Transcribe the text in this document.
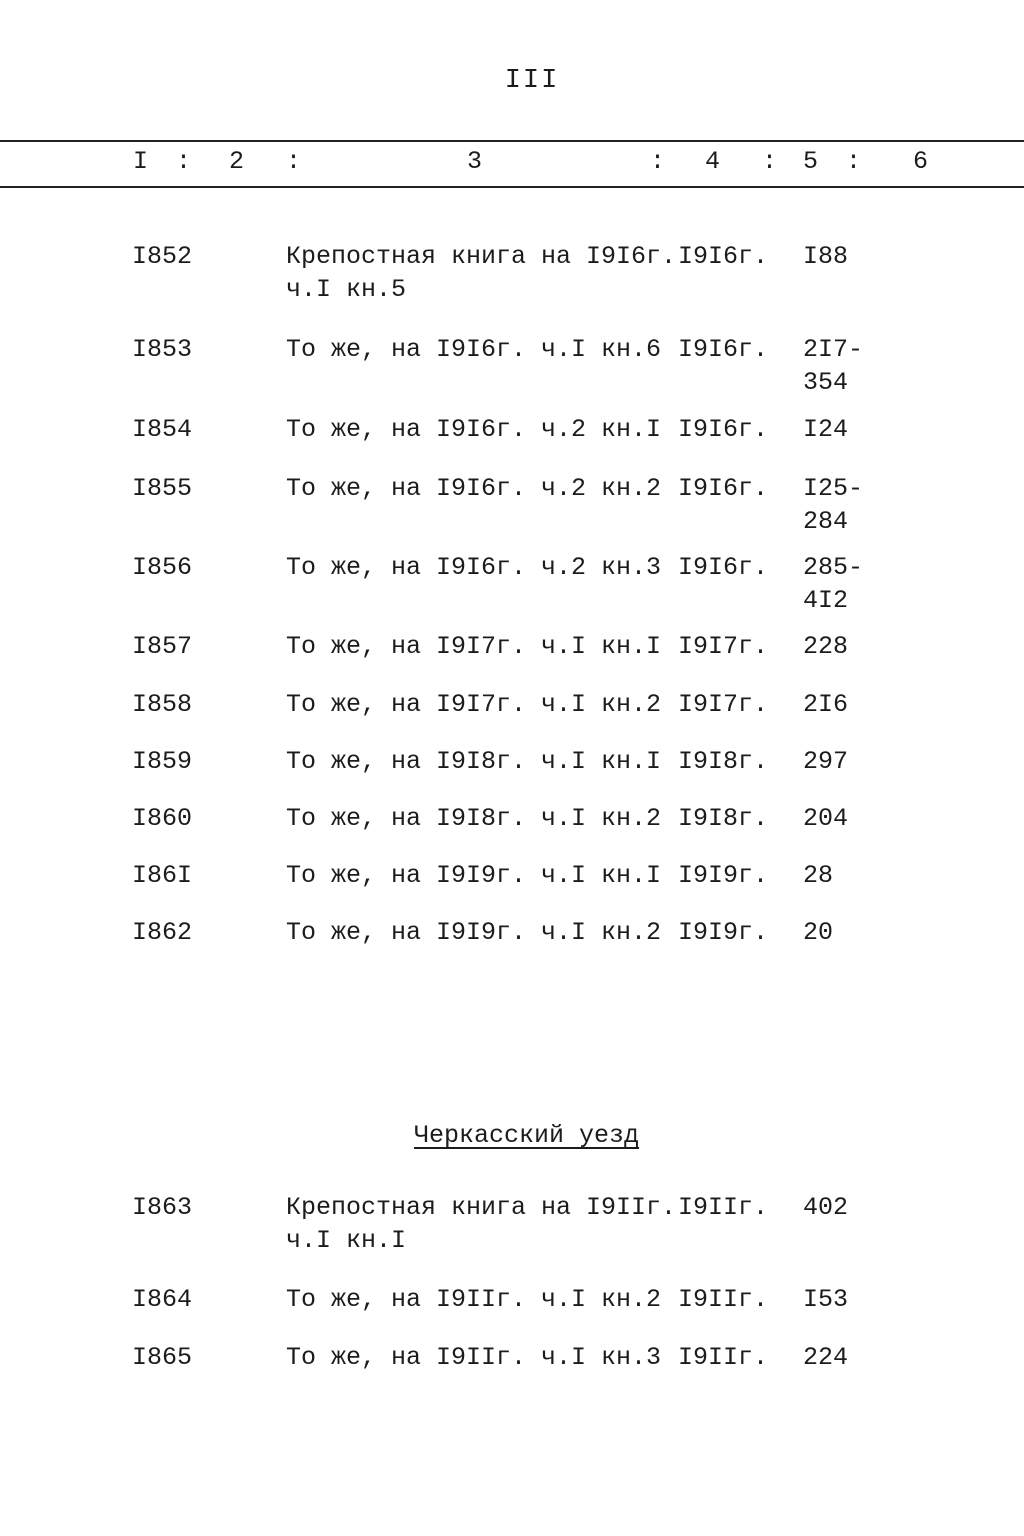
III
I : 2 :	3	: 4 : 5 : 6
I852	Крепостная книга на I9I6г.
ч.I кн.5
I9I6г. I88
I853	То же, на I9I6г. ч.I кн.6 I9I6г. 2I7-
354
I854	То же, на I9I6г. ч.2 кн.I I9I6г. I24
I855	То же, на I9I6г. ч.2 кн.2 I9I6г. I25-
284
I856	То же, на I9I6г. ч.2 кн.3 I9I6г. 285-
4I2
I857	То же, на I9I7г. ч.I кн.I I9I7г. 228
I858	То же, на I9I7г. ч.I кн.2 I9I7г. 2I6
I859	То же, на I9I8г. ч.I кн.I I9I8г. 297
I860	То же, на I9I8г. ч.I кн.2 I9I8г. 204
I86I	То же, на I9I9г. ч.I кн.I I9I9г. 28
I862	То же, на I9I9г. ч.I кн.2 I9I9г. 20
Черкасский уезд
I863	Крепостная книга на I9IIг.
ч.I кн.I
I9IIг. 402
I864	То же, на I9IIг. ч.I кн.2 I9IIг. I53
I865	То же, на I9IIг. ч.I кн.3 I9IIг. 224
